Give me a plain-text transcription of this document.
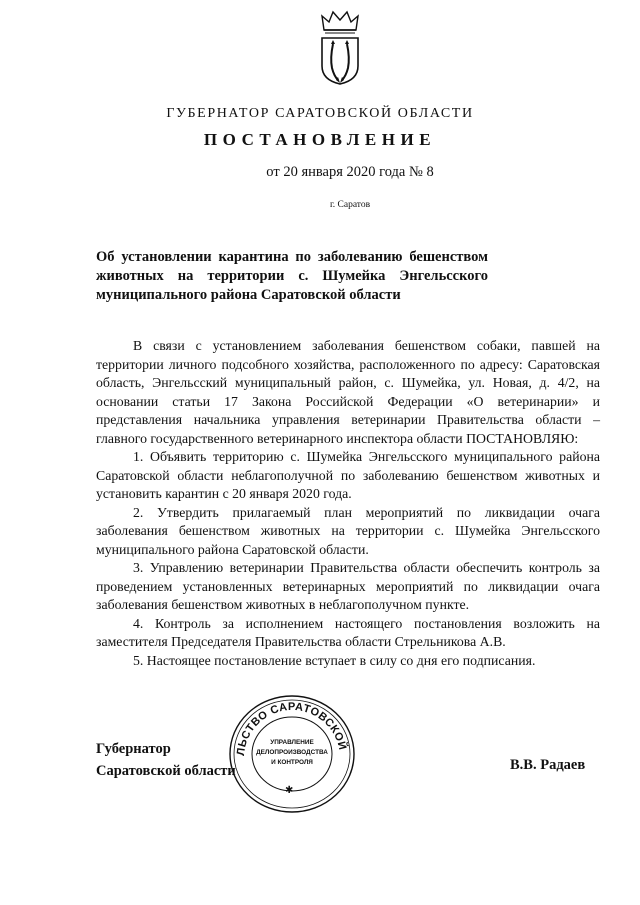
ГУБЕРНАТОР САРАТОВСКОЙ ОБЛАСТИ
ПОСТАНОВЛЕНИЕ
от 20 января 2020 года № 8
г. Саратов
Об установлении карантина по заболеванию бешенством
животных на территории с. Шумейка Энгельсского
муниципального района Саратовской области

В связи с установлением заболевания бешенством собаки, павшей на территории личного подсобного хозяйства, расположенного по адресу: Саратовская область, Энгельсский муниципальный район, с. Шумейка, ул. Новая, д. 4/2, на основании статьи 17 Закона Российской Федерации «О ветеринарии» и представления начальника управления ветеринарии Правительства области – главного государственного ветеринарного инспектора области ПОСТАНОВЛЯЮ:

1. Объявить территорию с. Шумейка Энгельсского муниципального района Саратовской области неблагополучной по заболеванию бешенством животных и установить карантин с 20 января 2020 года.

2. Утвердить прилагаемый план мероприятий по ликвидации очага заболевания бешенством животных на территории с. Шумейка Энгельсского муниципального района Саратовской области.

3. Управлению ветеринарии Правительства области обеспечить контроль за проведением установленных ветеринарных мероприятий по ликвидации очага заболевания бешенством животных в неблагополучном пункте.

4. Контроль за исполнением настоящего постановления возложить на заместителя Председателя Правительства области Стрельникова А.В.

5. Настоящее постановление вступает в силу со дня его подписания.

Губернатор
Саратовской области	В.В. Радаев
ЛЬСТВО САРАТОВСКОЙ
УПРАВЛЕНИЕ
ДЕЛОПРОИЗВОДСТВА
И КОНТРОЛЯ
✱
